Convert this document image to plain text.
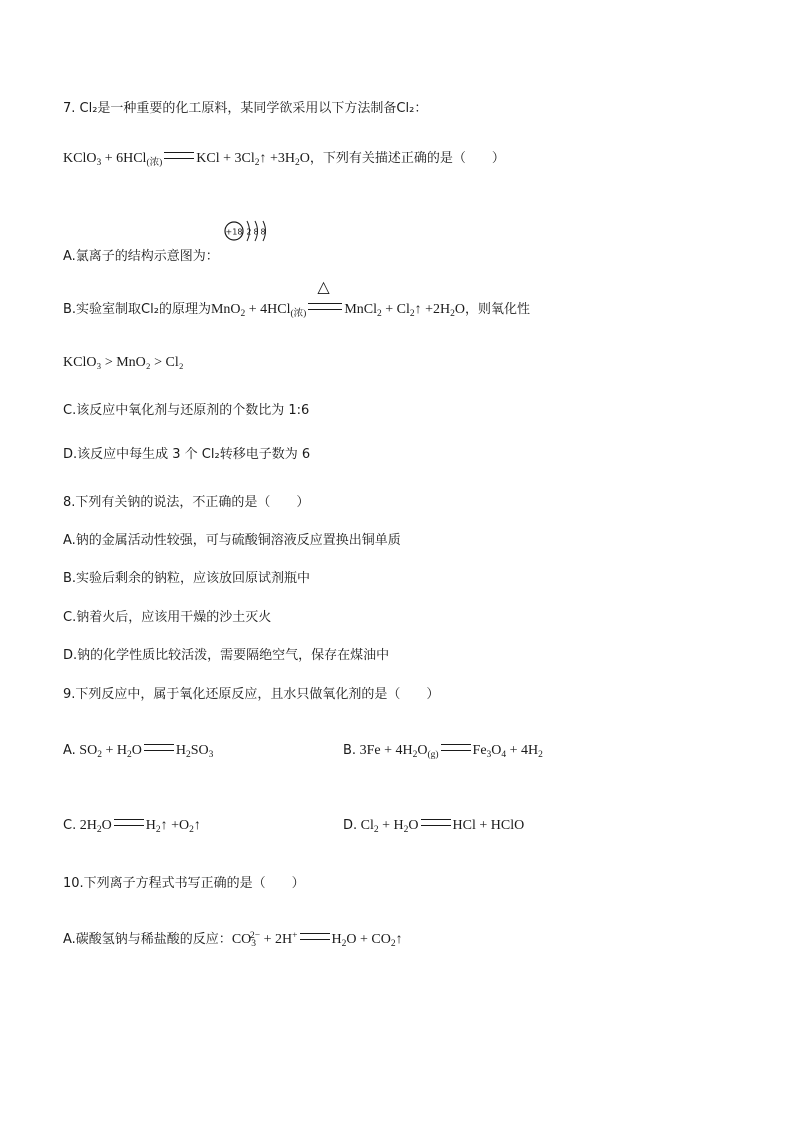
7. Cl₂是一种重要的化工原料，某同学欲采用以下方法制备Cl₂：
KClO$_3$ + 6HCl$_{(浓)}$ KCl + $3Cl_2↑ +3H_2O$，下列有关描述正确的是（　　）
A.氯离子的结构示意图为：
+18 288
B.实验室制取Cl₂的原理为MnO$_2$ + 4HCl$_{(浓)}$
△
MnCl$_2$ + $Cl_2↑ +2H_2O$，则氧化性
KClO₃ > MnO₂ > Cl₂
C.该反应中氧化剂与还原剂的个数比为 1:6
D.该反应中每生成 3 个 Cl₂转移电子数为 6
8.下列有关钠的说法，不正确的是（　　）
A.钠的金属活动性较强，可与硫酸铜溶液反应置换出铜单质
B.实验后剩余的钠粒，应该放回原试剂瓶中
C.钠着火后，应该用干燥的沙土灭火
D.钠的化学性质比较活泼，需要隔绝空气，保存在煤油中
9.下列反应中，属于氧化还原反应，且水只做氧化剂的是（　　）
A. $SO_2 + H_2O$ $H_2SO_3$	B. $3Fe + 4H_2O_{(g)}$ $Fe_3O_4 + 4H_2$
C. $2H_2O$ $H_2↑$ $+O_2↑$	D. $Cl_2 + H_2O$ HCl + HClO
10.下列离子方程式书写正确的是（　　）
A.碳酸氢钠与稀盐酸的反应：$CO_3^{2-} + 2H^+$ $H_2O$ + $CO_2↑$
